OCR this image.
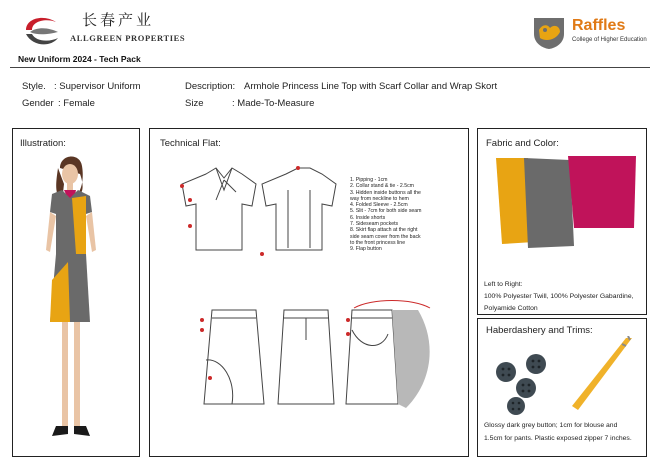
长春产业
ALLGREEN PROPERTIES
Raffles
College of Higher Education
New Uniform 2024 - Tech Pack
Style. : Supervisor Uniform
Gender : Female
Description: Armhole Princess Line Top with Scarf Collar and Wrap Skort
Size	: Made-To-Measure
Illustration:	Technical Flat:
1. Pipping - 1cm
2. Collar stand & tie - 2.5cm
3. Hidden inside buttons all the
way from neckline to hem
4. Folded Sleeve - 2.5cm
5. Slit - 7cm for both side seam
6. Inside shorts
7. Sideseam pockets
8. Skirt flap attach at the right
side seam cover from the back
to the front princess line
9. Flap button
Fabric and Color:
Left to Right:
100% Polyester Twill, 100% Polyester Gabardine,
Polyamide Cotton
Haberdashery and Trims:
Glossy dark grey button; 1cm for blouse and
1.5cm for pants. Plastic exposed zipper 7 inches.
